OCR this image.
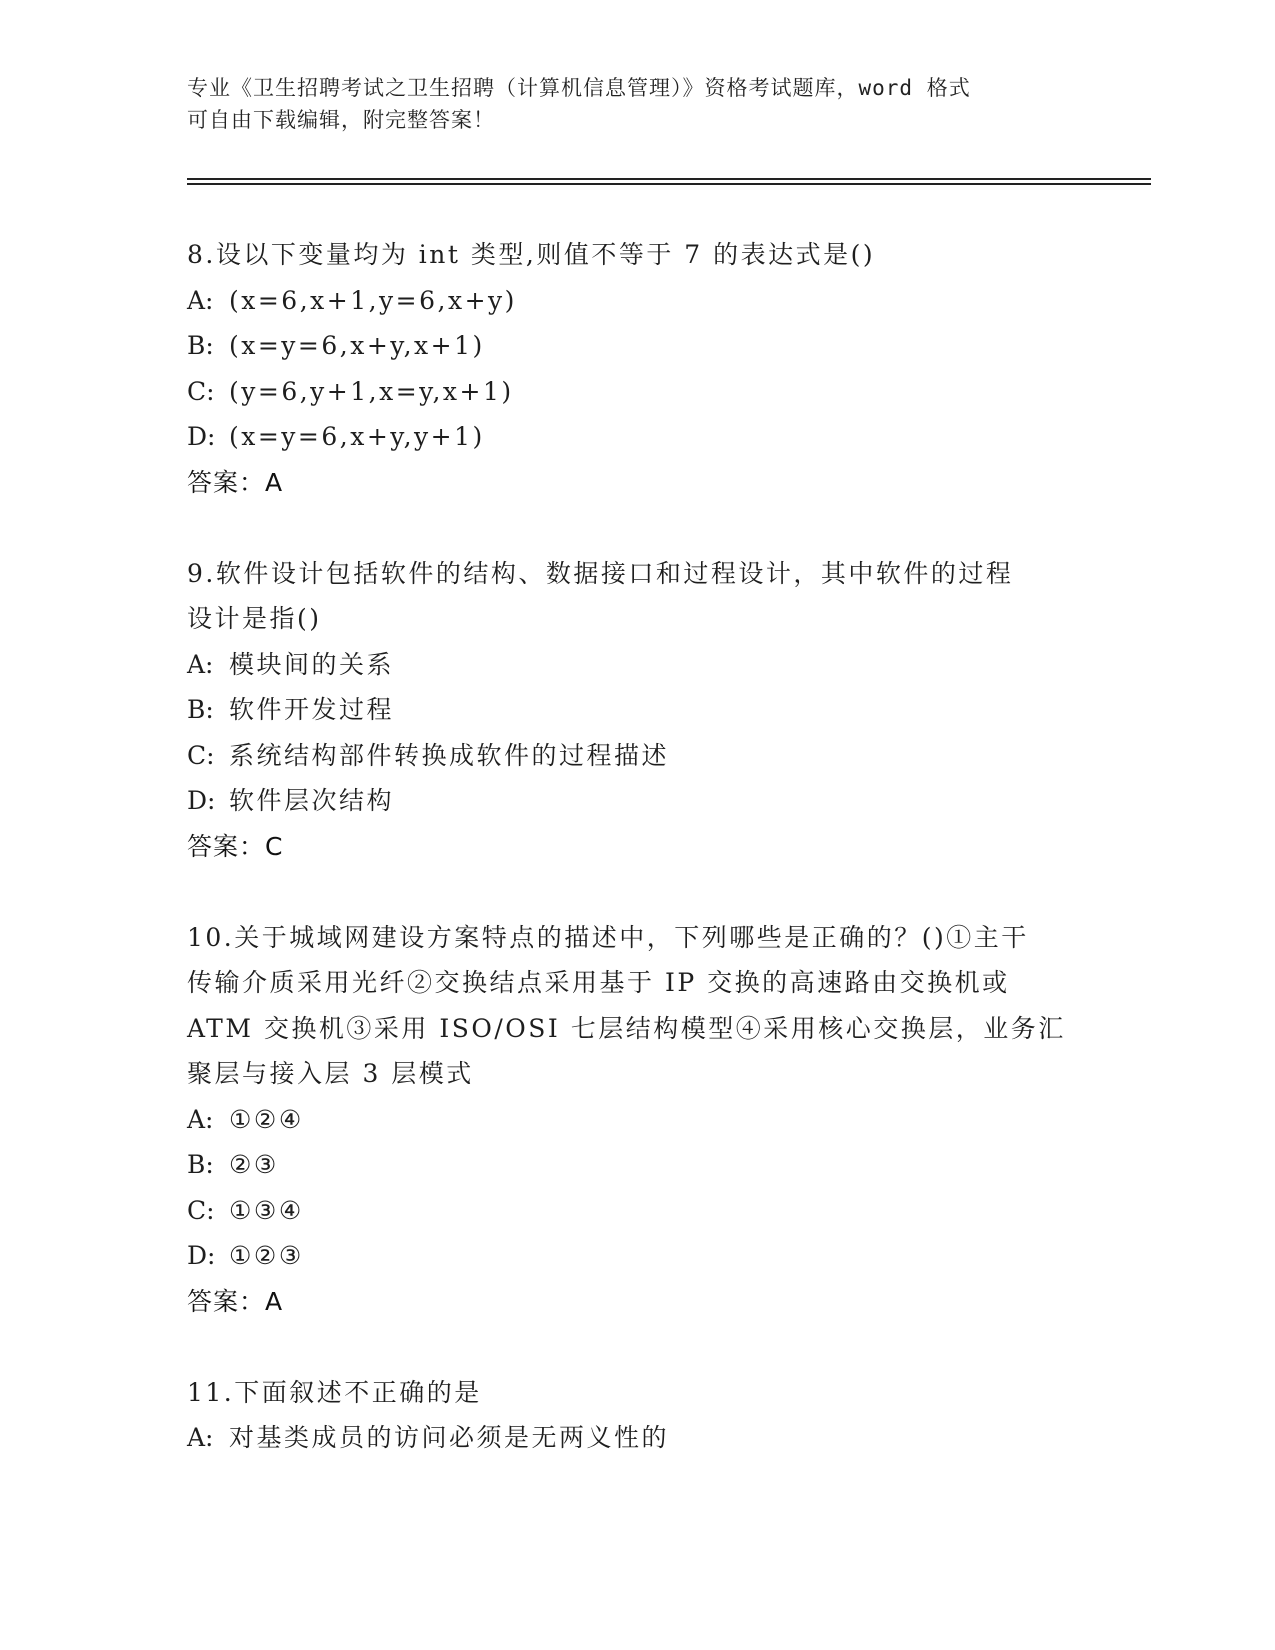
专业《卫生招聘考试之卫生招聘（计算机信息管理）》资格考试题库，word 格式
可自由下载编辑，附完整答案！
8.设以下变量均为 int 类型,则值不等于 7 的表达式是()
A: (x=6,x+1,y=6,x+y)
B: (x=y=6,x+y,x+1)
C: (y=6,y+1,x=y,x+1)
D: (x=y=6,x+y,y+1)
答案：A
9.软件设计包括软件的结构、数据接口和过程设计，其中软件的过程
设计是指()
A: 模块间的关系
B: 软件开发过程
C: 系统结构部件转换成软件的过程描述
D: 软件层次结构
答案：C
10.关于城域网建设方案特点的描述中，下列哪些是正确的？()①主干
传输介质采用光纤②交换结点采用基于 IP 交换的高速路由交换机或
ATM 交换机③采用 ISO/OSI 七层结构模型④采用核心交换层，业务汇
聚层与接入层 3 层模式
A: ①②④
B: ②③
C: ①③④
D: ①②③
答案：A
11.下面叙述不正确的是
A: 对基类成员的访问必须是无两义性的
